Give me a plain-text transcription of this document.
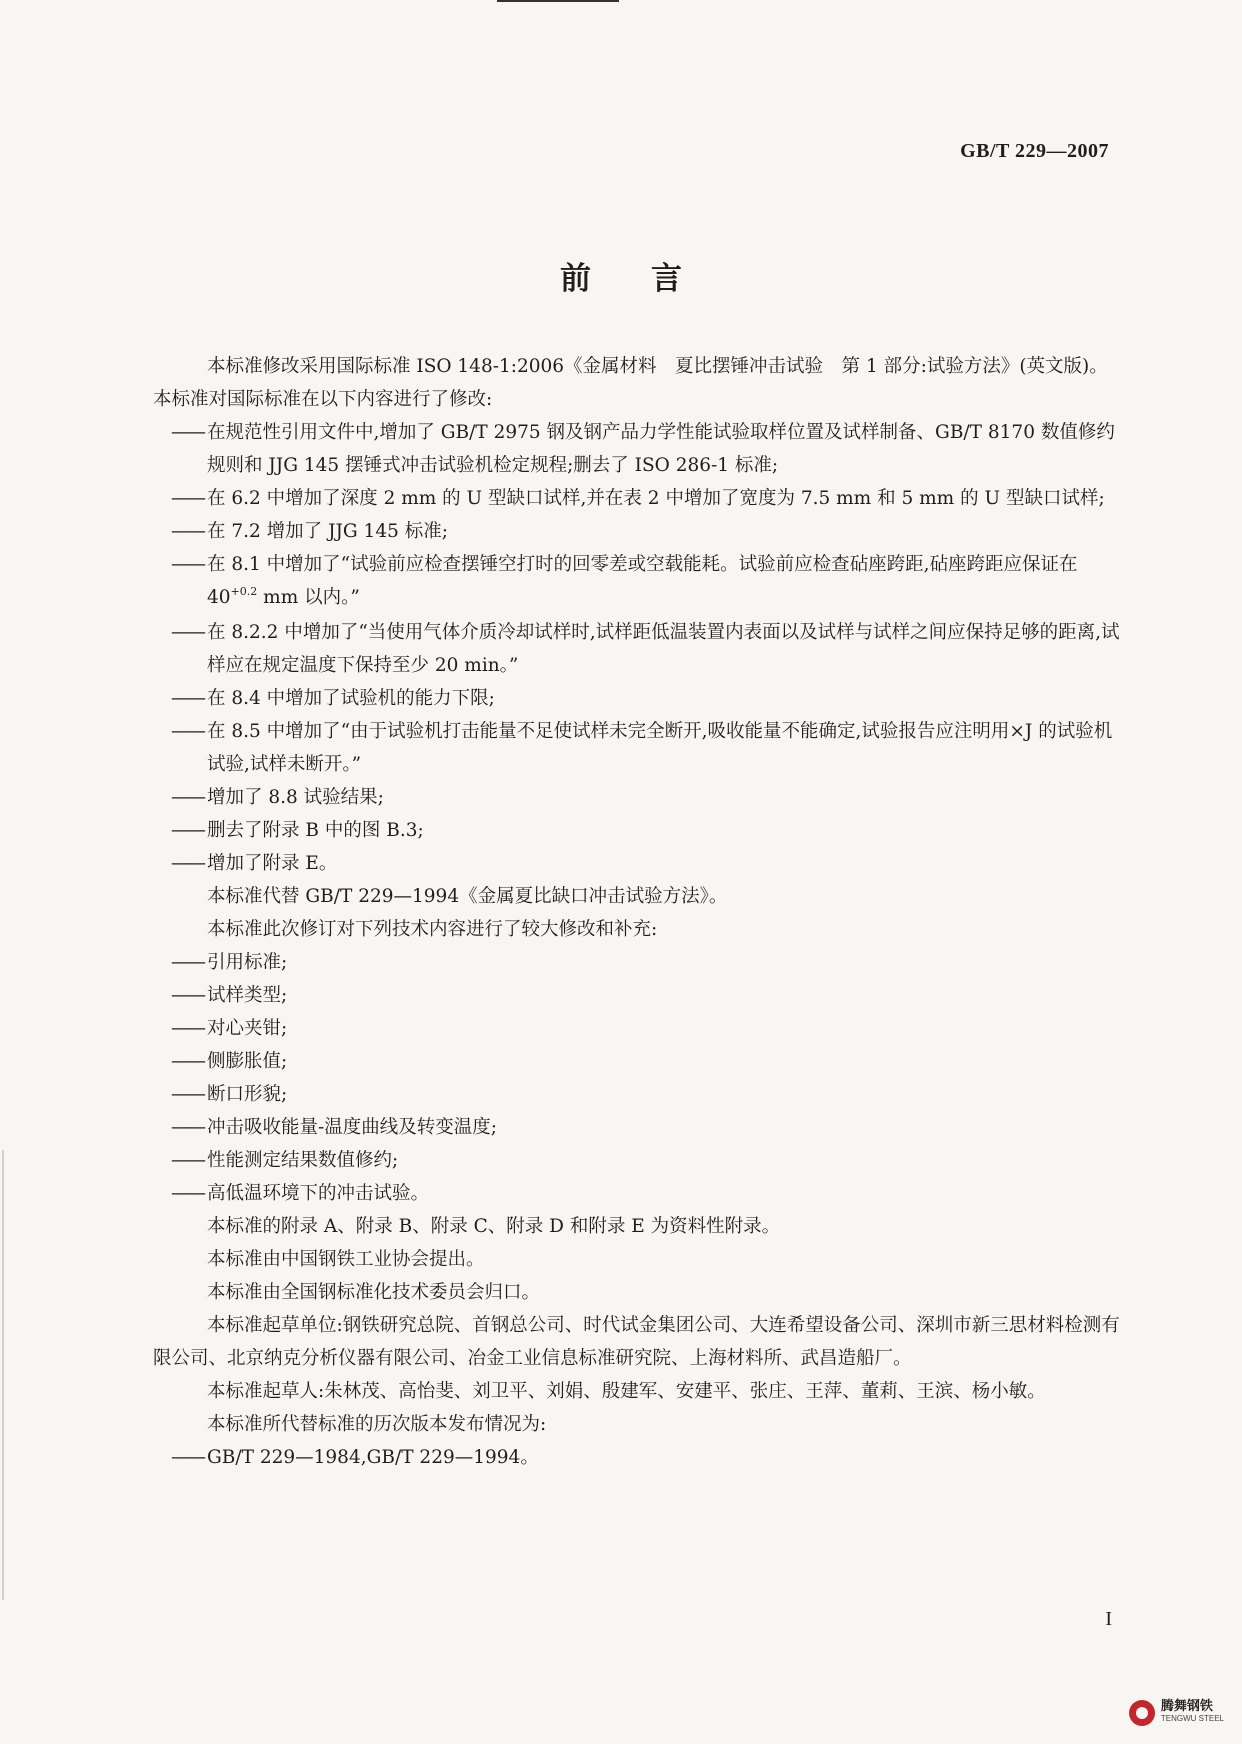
GB/T 229—2007
前 言

本标准修改采用国际标准 ISO 148-1:2006《金属材料　夏比摆锤冲击试验　第 1 部分:试验方法》(英文版)。本标准对国际标准在以下内容进行了修改:

—— 在规范性引用文件中,增加了 GB/T 2975 钢及钢产品力学性能试验取样位置及试样制备、GB/T 8170 数值修约规则和 JJG 145 摆锤式冲击试验机检定规程;删去了 ISO 286-1 标准;

—— 在 6.2 中增加了深度 2 mm 的 U 型缺口试样,并在表 2 中增加了宽度为 7.5 mm 和 5 mm 的 U 型缺口试样;

—— 在 7.2 增加了 JJG 145 标准;

—— 在 8.1 中增加了“试验前应检查摆锤空打时的回零差或空载能耗。试验前应检查砧座跨距,砧座跨距应保证在 $40^{+0.2}$ mm 以内。”

—— 在 8.2.2 中增加了“当使用气体介质冷却试样时,试样距低温装置内表面以及试样与试样之间应保持足够的距离,试样应在规定温度下保持至少 20 min。”

—— 在 8.4 中增加了试验机的能力下限;

—— 在 8.5 中增加了“由于试验机打击能量不足使试样未完全断开,吸收能量不能确定,试验报告应注明用×J 的试验机试验,试样未断开。”

—— 增加了 8.8 试验结果;

—— 删去了附录 B 中的图 B.3;

—— 增加了附录 E。

本标准代替 GB/T 229—1994《金属夏比缺口冲击试验方法》。

本标准此次修订对下列技术内容进行了较大修改和补充:

—— 引用标准;

—— 试样类型;

—— 对心夹钳;

—— 侧膨胀值;

—— 断口形貌;

—— 冲击吸收能量-温度曲线及转变温度;

—— 性能测定结果数值修约;

—— 高低温环境下的冲击试验。

本标准的附录 A、附录 B、附录 C、附录 D 和附录 E 为资料性附录。

本标准由中国钢铁工业协会提出。

本标准由全国钢标准化技术委员会归口。

本标准起草单位:钢铁研究总院、首钢总公司、时代试金集团公司、大连希望设备公司、深圳市新三思材料检测有限公司、北京纳克分析仪器有限公司、冶金工业信息标准研究院、上海材料所、武昌造船厂。

本标准起草人:朱林茂、高怡斐、刘卫平、刘娟、殷建军、安建平、张庄、王萍、董莉、王滨、杨小敏。

本标准所代替标准的历次版本发布情况为:

—— GB/T 229—1984,GB/T 229—1994。

I
腾舞钢铁
TENGWU STEEL
